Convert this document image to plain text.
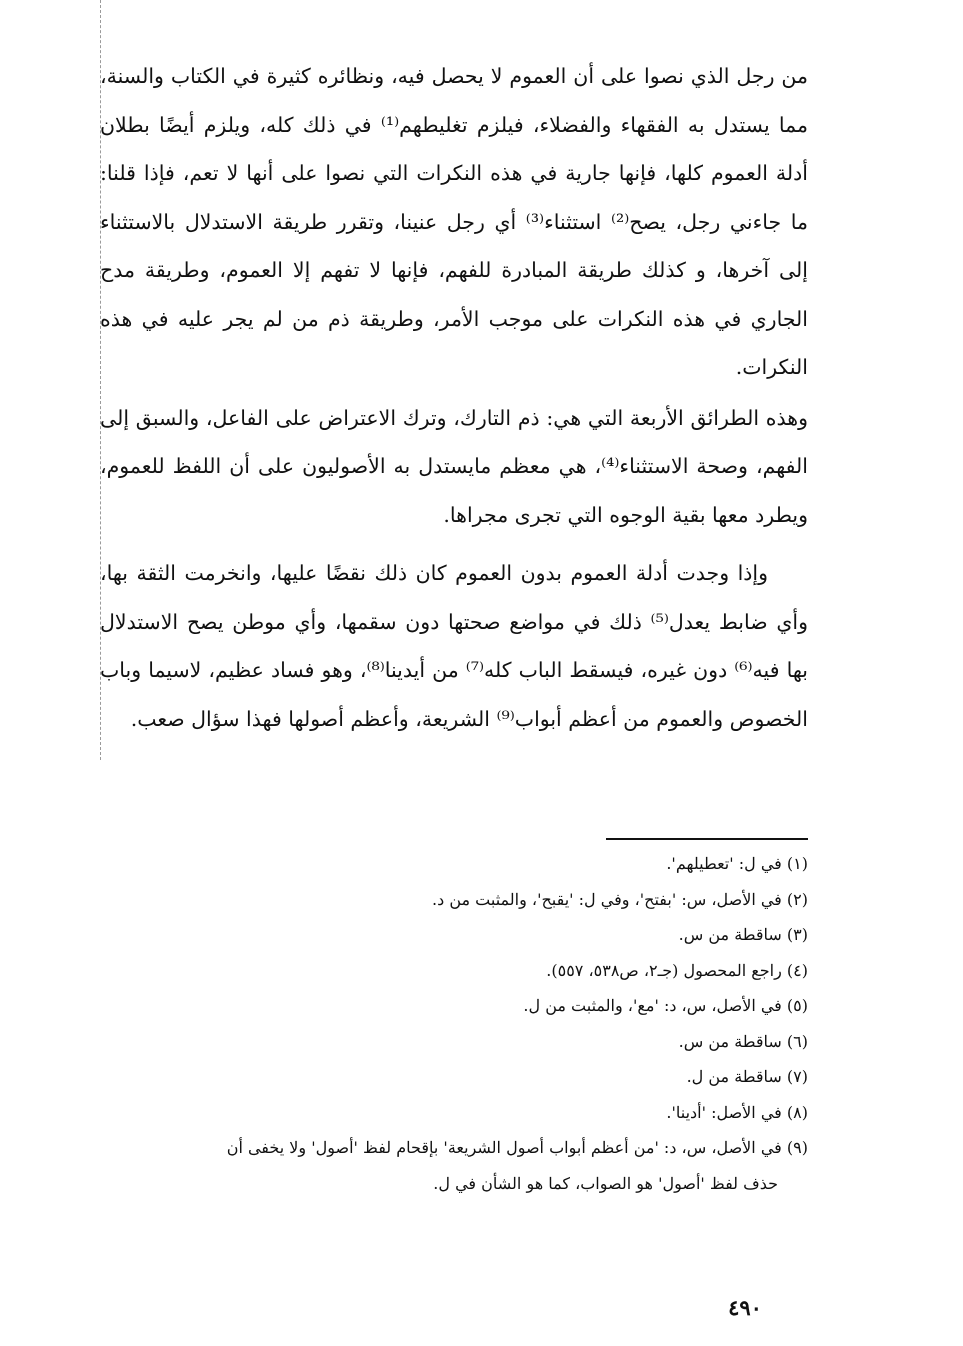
من رجل الذي نصوا على أن العموم لا يحصل فيه، ونظائره كثيرة في الكتاب والسنة، مما يستدل به الفقهاء والفضلاء، فيلزم تغليطهم⁽¹⁾ في ذلك كله، ويلزم أيضًا بطلان أدلة العموم كلها، فإنها جارية في هذه النكرات التي نصوا على أنها لا تعم، فإذا قلنا: ما جاءني رجل، يصح⁽²⁾ استثناء⁽³⁾ أي رجل عنينا، وتقرر طريقة الاستدلال بالاستثناء إلى آخرها، و كذلك طريقة المبادرة للفهم، فإنها لا تفهم إلا العموم، وطريقة مدح الجاري في هذه النكرات على موجب الأمر، وطريقة ذم من لم يجر عليه في هذه النكرات.

وهذه الطرائق الأربعة التي هي: ذم التارك، وترك الاعتراض على الفاعل، والسبق إلى الفهم، وصحة الاستثناء⁽⁴⁾، هي معظم مايستدل به الأصوليون على أن اللفظ للعموم، ويطرد معها بقية الوجوه التي تجرى مجراها.

وإذا وجدت أدلة العموم بدون العموم كان ذلك نقضًا عليها، وانخرمت الثقة بها، وأي ضابط يعدل⁽⁵⁾ ذلك في مواضع صحتها دون سقمها، وأي موطن يصح الاستدلال بها فيه⁽⁶⁾ دون غيره، فيسقط الباب كله⁽⁷⁾ من أيدينا⁽⁸⁾، وهو فساد عظيم، لاسيما وباب الخصوص والعموم من أعظم أبواب⁽⁹⁾ الشريعة، وأعظم أصولها فهذا سؤال صعب.

(١) في ل: 'تعطيلهم'.

(٢) في الأصل، س: 'بفتح'، وفي ل: 'يقبح'، والمثبت من د.

(٣) ساقطة من س.

(٤) راجع المحصول (جـ٢، ص٥٣٨، ٥٥٧).

(٥) في الأصل، س، د: 'مع'، والمثبت من ل.

(٦) ساقطة من س.

(٧) ساقطة من ل.

(٨) في الأصل: 'أدينا'.

(٩) في الأصل، س، د: 'من أعظم أبواب أصول الشريعة' بإقحام لفظ 'أصول' ولا يخفى أن

حذف لفظ 'أصول' هو الصواب، كما هو الشأن في ل.

٤٩٠
